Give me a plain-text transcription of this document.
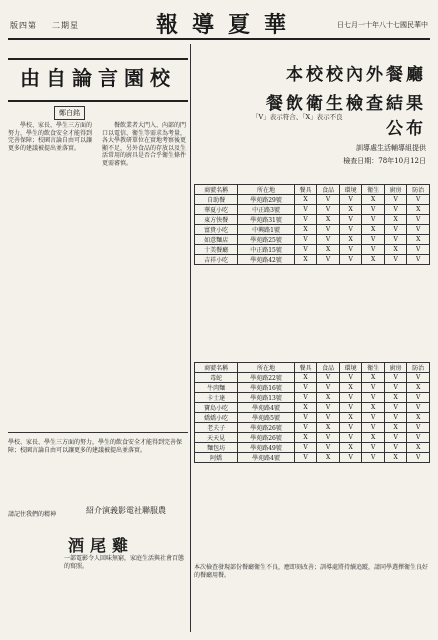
版四第 二期星	報導夏華	日七月一十年八十七國民華中
由自論言園校
鄭白銘

餐飲業者大門入、內部的門口以電信、衛生等需求為考量，各大學教研單位在實地考察後更顯不足，另外食品的存放以及生活常用的廚具是否合乎衛生條件更需審慎。

學校、家長、學生三方面的努力，學生的飲食安全才能得到完善保障；校園言論自由可以讓更多的建議被提出並落實。

學校、家長、學生三方面的努力，學生的飲食安全才能得到完善保障；校園言論自由可以讓更多的建議被提出並落實。
請記住我們的精神	紹介演義影電社聯服農
酒尾雞
一部電影令人回味無窮，家庭生活與社會百態的寫照。
本校校內外餐廳
餐飲衛生檢查結果公布
訓導處生活輔導組提供
檢查日期：78年10月12日
「V」表示符合、「X」表示不良
商號名稱	所在地	餐具	食品	環境	衛生	廚房	防治
自助餐	學苑路29號	X	V	V	X	V	V
華夏小吃	中正路3號	V	V	X	V	V	X
東方快餐	學苑路31號	V	X	V	V	X	V
富貴小吃	中興路1號	X	V	V	X	V	V
如意麵店	學苑路25號	V	V	X	V	V	X
十美餐廳	中正路15號	V	X	V	V	X	V
吉祥小吃	學苑路42號	X	V	V	X	V	V
商號名稱	所在地	餐具	食品	環境	衛生	廚房	防治
毒蛇	學苑路22號	X	V	V	X	V	V
牛肉麵	學苑路16號	V	V	X	V	V	X
卡士達	學苑路13號	V	X	V	V	X	V
寶島小吃	學苑路4號	X	V	V	X	V	V
嬌嬌小吃	學苑路5號	V	V	X	V	V	X
老夫子	學苑路26號	V	X	V	V	X	V
天天見	學苑路26號	X	V	V	X	V	V
麵包坊	學苑路49號	V	V	X	V	V	X
阿嬌	學苑路4號	V	X	V	V	X	V
本次檢查發現部份餐廳衛生不良，應即刻改善；訓導處將持續追蹤，請同學選擇衛生良好的餐廳用餐。
